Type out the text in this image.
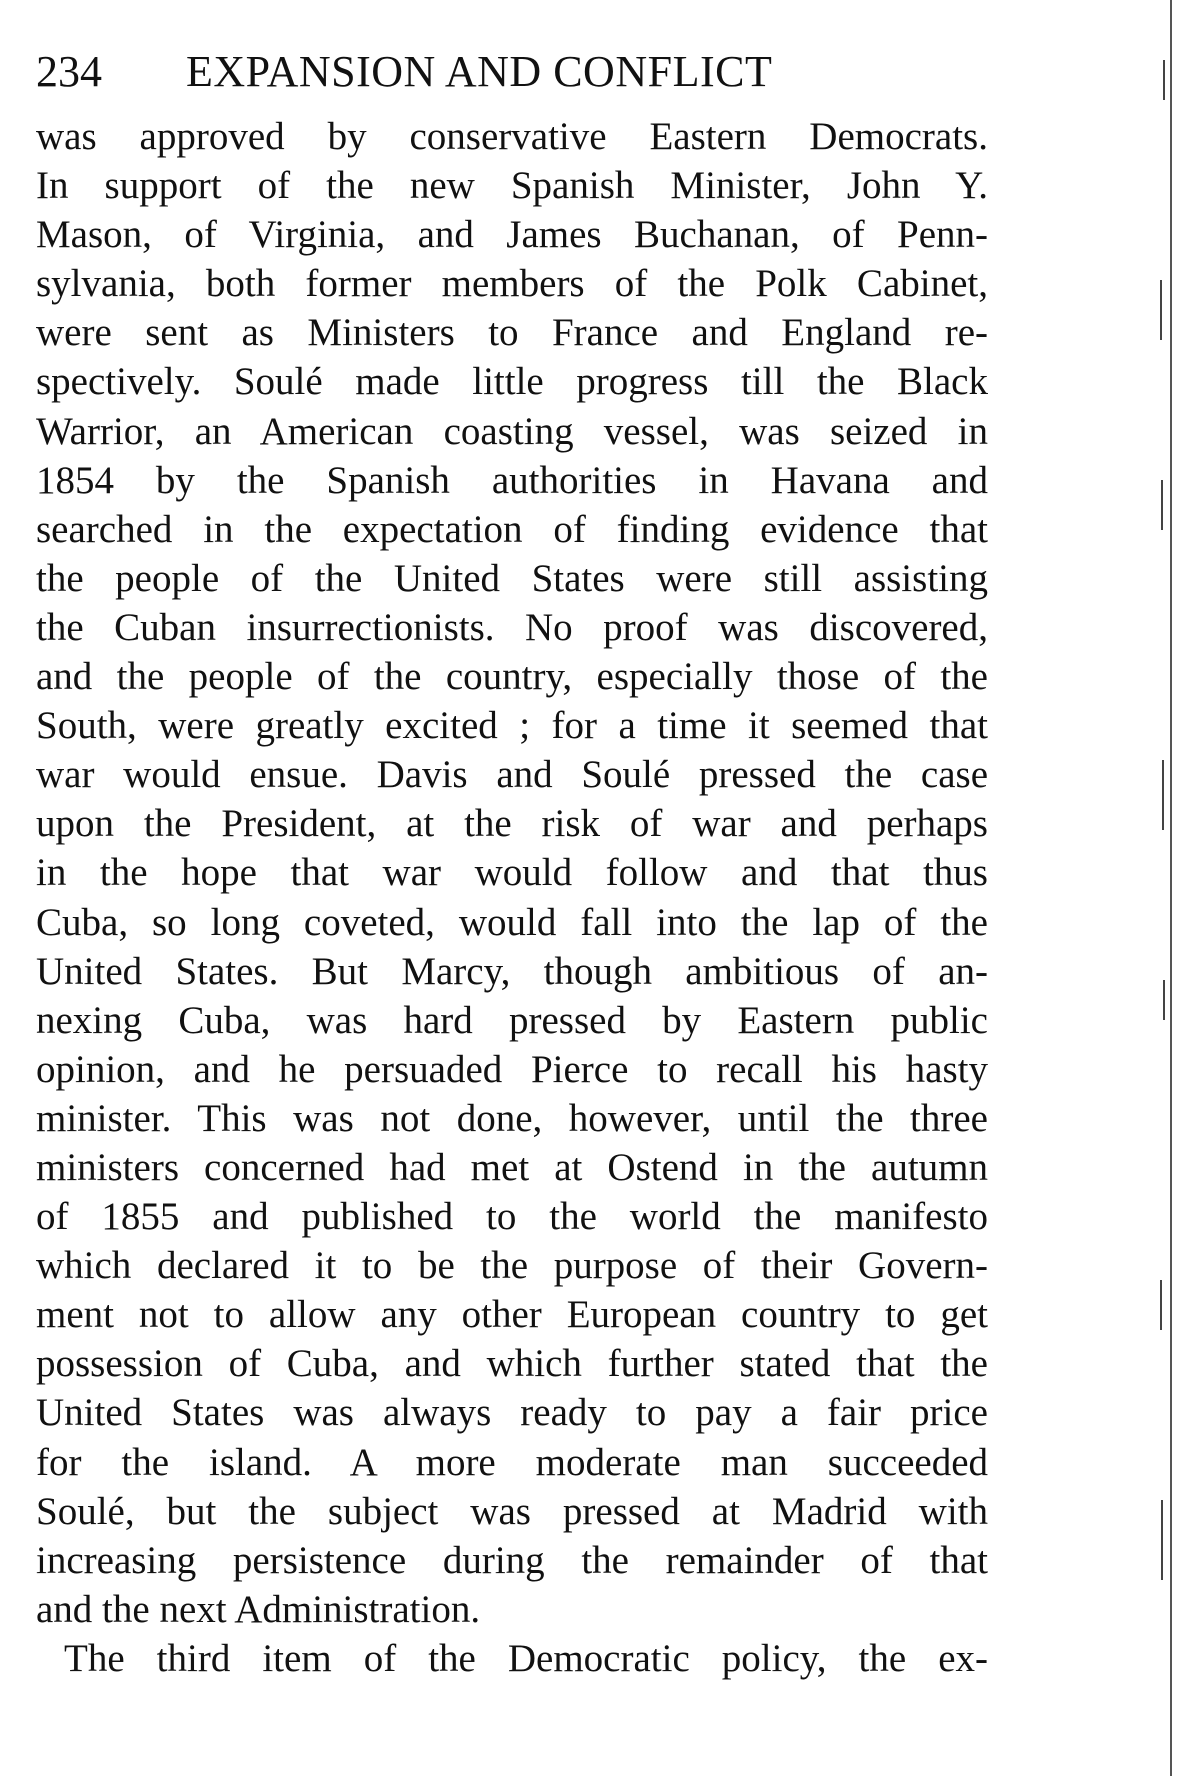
234 EXPANSION AND CONFLICT
was approved by conservative Eastern Democrats.
In support of the new Spanish Minister, John Y.
Mason, of Virginia, and James Buchanan, of Penn-
sylvania, both former members of the Polk Cabinet,
were sent as Ministers to France and England re-
spectively. Soulé made little progress till the Black
Warrior, an American coasting vessel, was seized in
1854 by the Spanish authorities in Havana and
searched in the expectation of finding evidence that
the people of the United States were still assisting
the Cuban insurrectionists. No proof was discovered,
and the people of the country, especially those of the
South, were greatly excited ; for a time it seemed that
war would ensue. Davis and Soulé pressed the case
upon the President, at the risk of war and perhaps
in the hope that war would follow and that thus
Cuba, so long coveted, would fall into the lap of the
United States. But Marcy, though ambitious of an-
nexing Cuba, was hard pressed by Eastern public
opinion, and he persuaded Pierce to recall his hasty
minister. This was not done, however, until the three
ministers concerned had met at Ostend in the autumn
of 1855 and published to the world the manifesto
which declared it to be the purpose of their Govern-
ment not to allow any other European country to get
possession of Cuba, and which further stated that the
United States was always ready to pay a fair price
for the island. A more moderate man succeeded
Soulé, but the subject was pressed at Madrid with
increasing persistence during the remainder of that
and the next Administration.
The third item of the Democratic policy, the ex-
